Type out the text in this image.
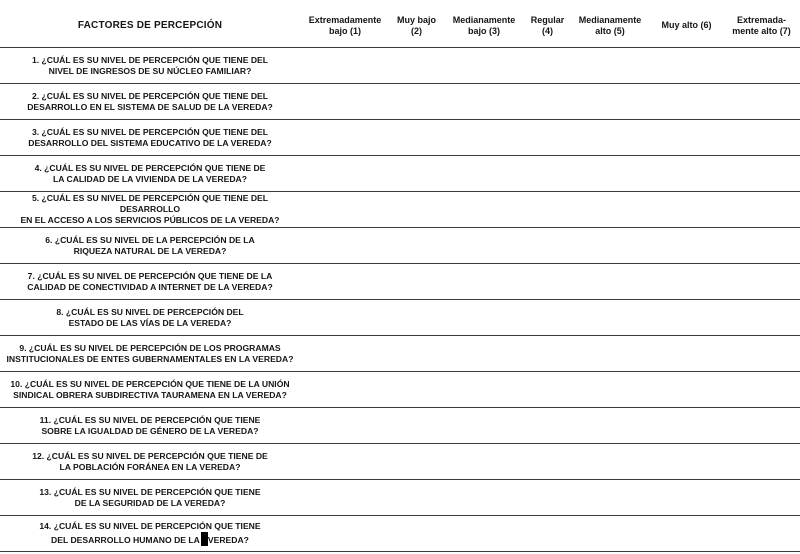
FACTORES DE PERCEPCIÓN
Extremadamente
bajo (1)
Muy bajo
(2)
Medianamente
bajo (3)
Regular
(4)
Medianamente
alto (5)
Muy alto (6)
Extremada-
mente alto (7)
1. ¿CUÁL ES SU NIVEL DE PERCEPCIÓN QUE TIENE DEL
NIVEL DE INGRESOS DE SU NÚCLEO FAMILIAR?
2. ¿CUÁL ES SU NIVEL DE PERCEPCIÓN QUE TIENE DEL
DESARROLLO EN EL SISTEMA DE SALUD DE LA VEREDA?
3. ¿CUÁL ES SU NIVEL DE PERCEPCIÓN QUE TIENE DEL
DESARROLLO DEL SISTEMA EDUCATIVO DE LA VEREDA?
4. ¿CUÁL ES SU NIVEL DE PERCEPCIÓN QUE TIENE DE
LA CALIDAD DE LA VIVIENDA DE LA VEREDA?
5. ¿CUÁL ES SU NIVEL DE PERCEPCIÓN QUE TIENE DEL DESARROLLO
EN EL ACCESO A LOS SERVICIOS PÚBLICOS DE LA VEREDA?
6. ¿CUÁL ES SU NIVEL DE LA PERCEPCIÓN DE LA
RIQUEZA NATURAL DE LA VEREDA?
7. ¿CUÁL ES SU NIVEL DE PERCEPCIÓN QUE TIENE DE LA
CALIDAD DE CONECTIVIDAD A INTERNET DE LA VEREDA?
8. ¿CUÁL ES SU NIVEL DE PERCEPCIÓN DEL
ESTADO DE LAS VÍAS DE LA VEREDA?
9. ¿CUÁL ES SU NIVEL DE PERCEPCIÓN DE LOS PROGRAMAS
INSTITUCIONALES DE ENTES GUBERNAMENTALES EN LA VEREDA?
10. ¿CUÁL ES SU NIVEL DE PERCEPCIÓN QUE TIENE DE LA UNIÓN
SINDICAL OBRERA SUBDIRECTIVA TAURAMENA EN LA VEREDA?
11. ¿CUÁL ES SU NIVEL DE PERCEPCIÓN QUE TIENE
SOBRE LA IGUALDAD DE GÉNERO DE LA VEREDA?
12. ¿CUÁL ES SU NIVEL DE PERCEPCIÓN QUE TIENE DE
LA POBLACIÓN FORÁNEA EN LA VEREDA?
13. ¿CUÁL ES SU NIVEL DE PERCEPCIÓN QUE TIENE
DE LA SEGURIDAD DE LA VEREDA?
14. ¿CUÁL ES SU NIVEL DE PERCEPCIÓN QUE TIENE
DEL DESARROLLO HUMANO DE LA VEREDA?
